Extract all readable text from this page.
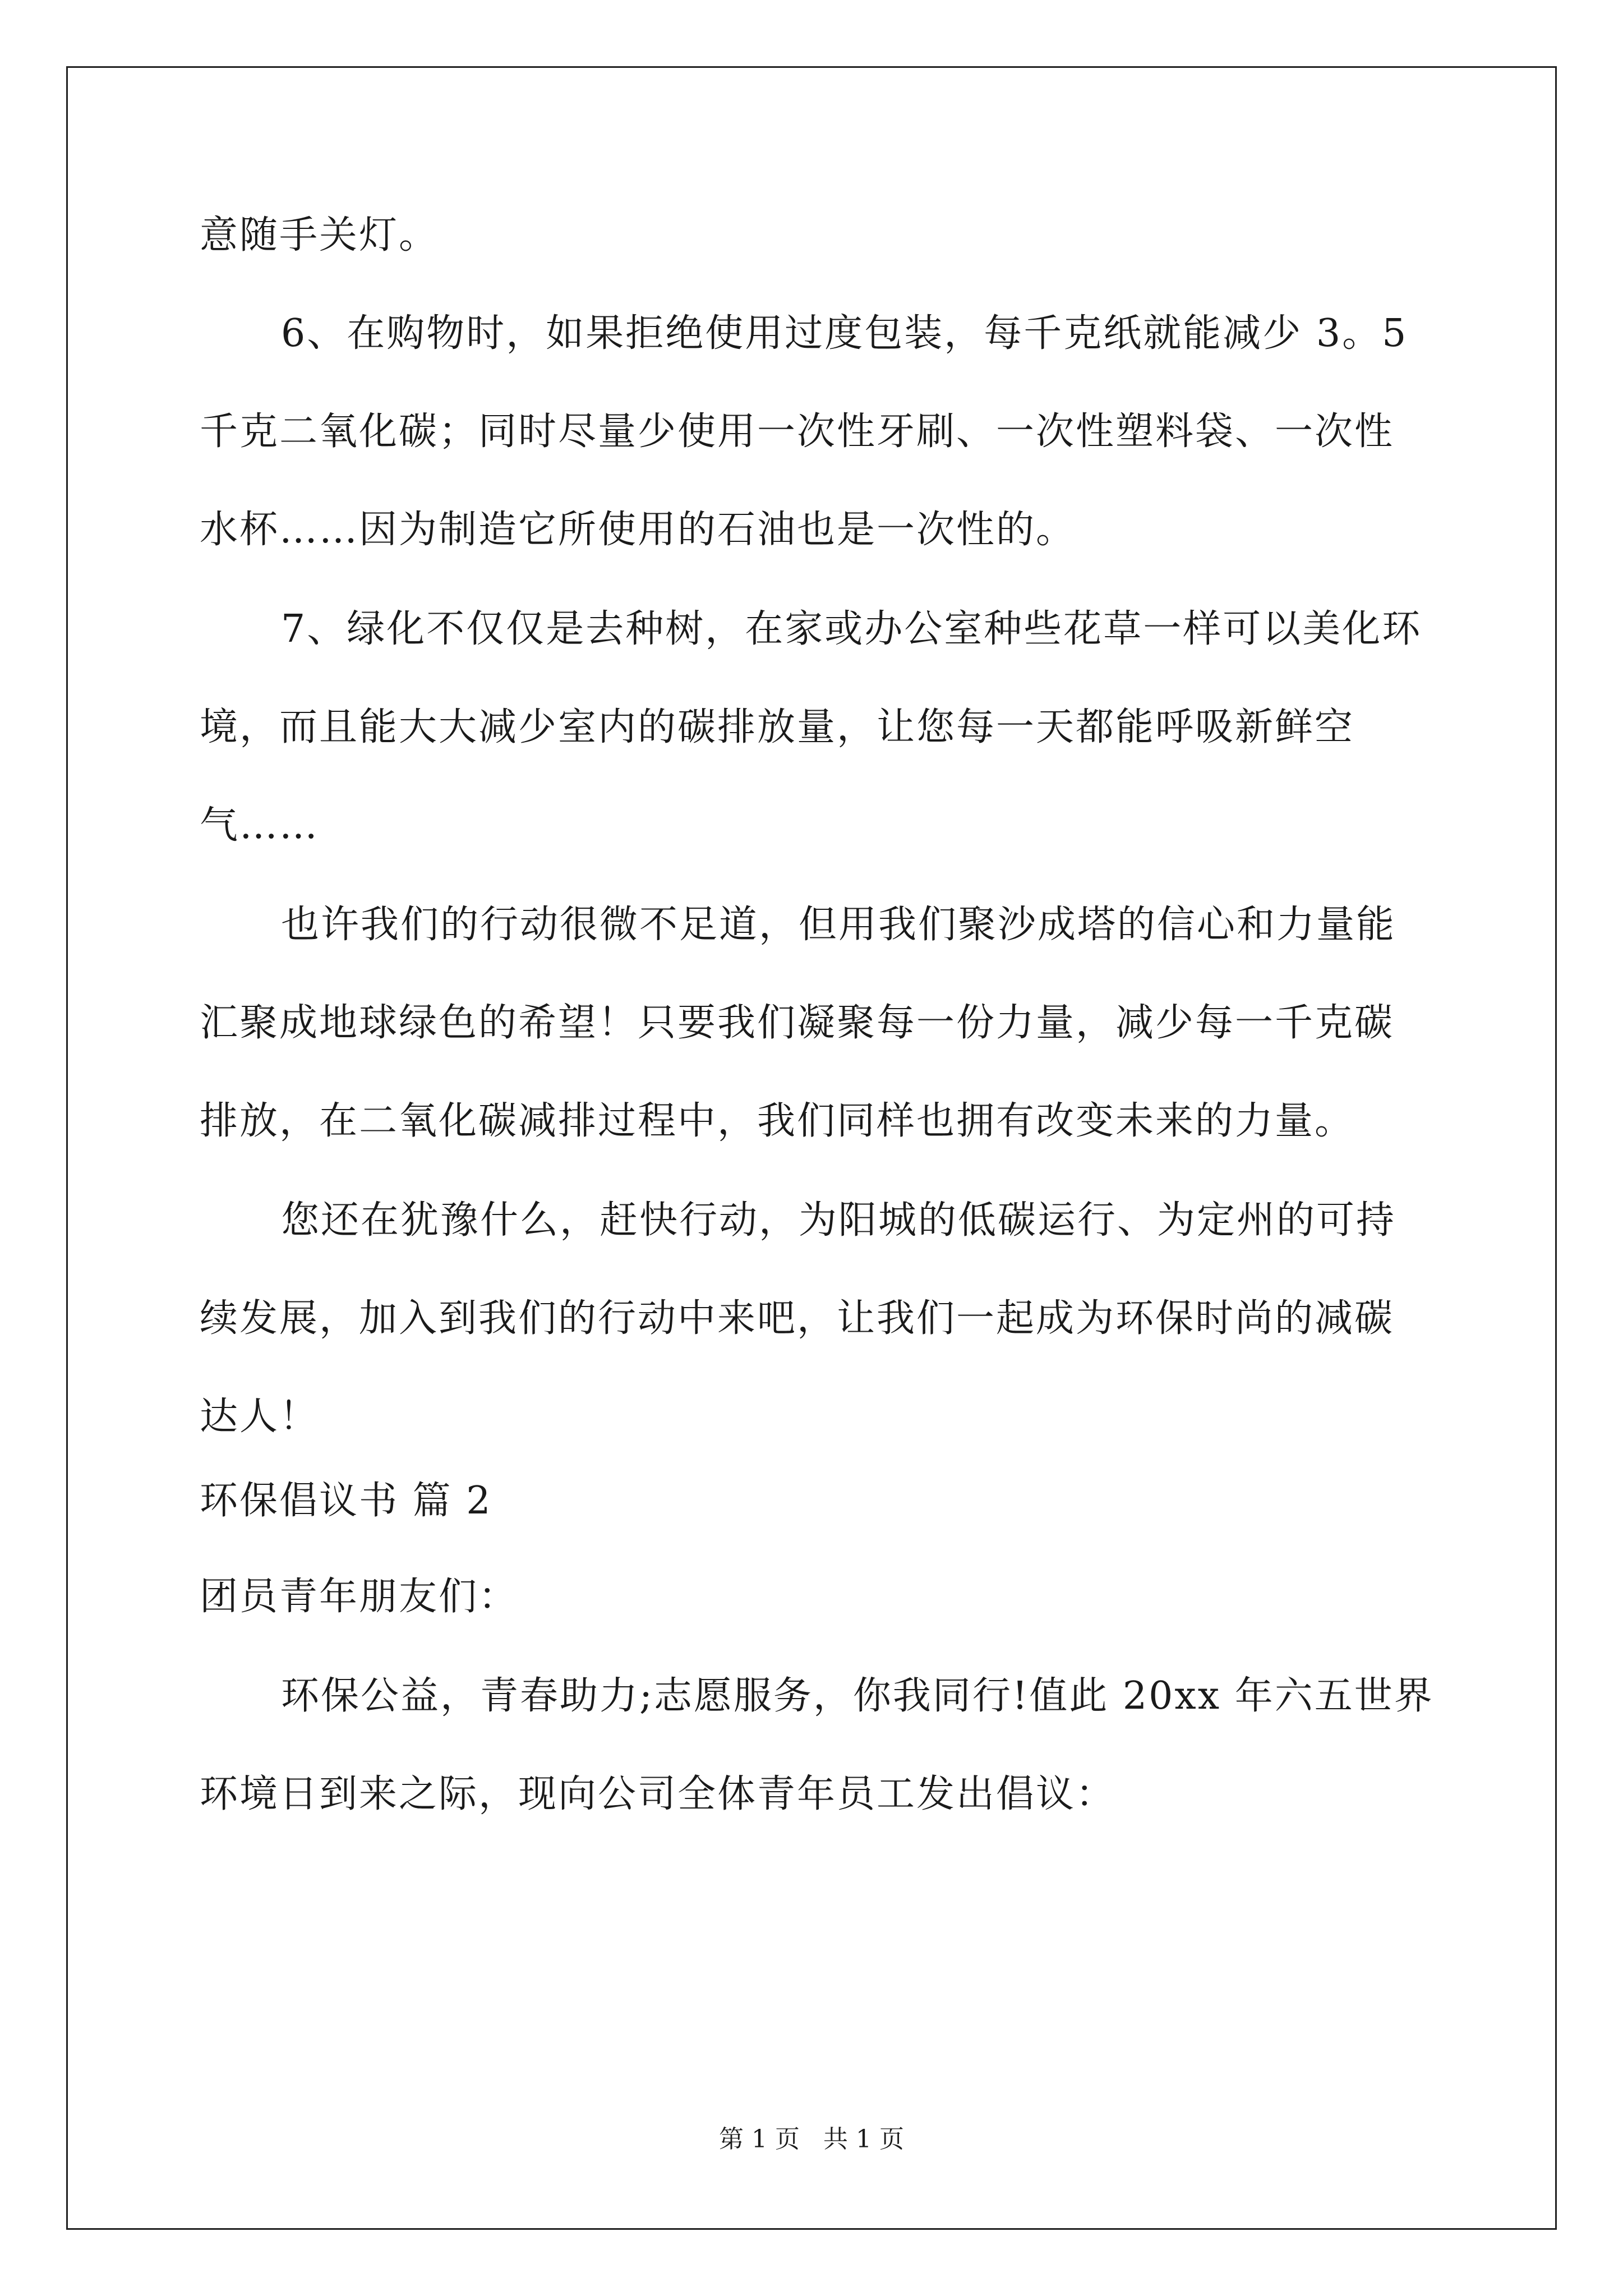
意随手关灯。
6、在购物时，如果拒绝使用过度包装，每千克纸就能减少 3。5
千克二氧化碳；同时尽量少使用一次性牙刷、一次性塑料袋、一次性
水杯……因为制造它所使用的石油也是一次性的。
7、绿化不仅仅是去种树，在家或办公室种些花草一样可以美化环
境，而且能大大减少室内的碳排放量，让您每一天都能呼吸新鲜空
气……
也许我们的行动很微不足道，但用我们聚沙成塔的信心和力量能
汇聚成地球绿色的希望！只要我们凝聚每一份力量，减少每一千克碳
排放，在二氧化碳减排过程中，我们同样也拥有改变未来的力量。
您还在犹豫什么，赶快行动，为阳城的低碳运行、为定州的可持
续发展，加入到我们的行动中来吧，让我们一起成为环保时尚的减碳
达人！
环保倡议书 篇 2
团员青年朋友们：
环保公益，青春助力;志愿服务，你我同行!值此 20xx 年六五世界
环境日到来之际，现向公司全体青年员工发出倡议：
第 1 页 共 1 页
